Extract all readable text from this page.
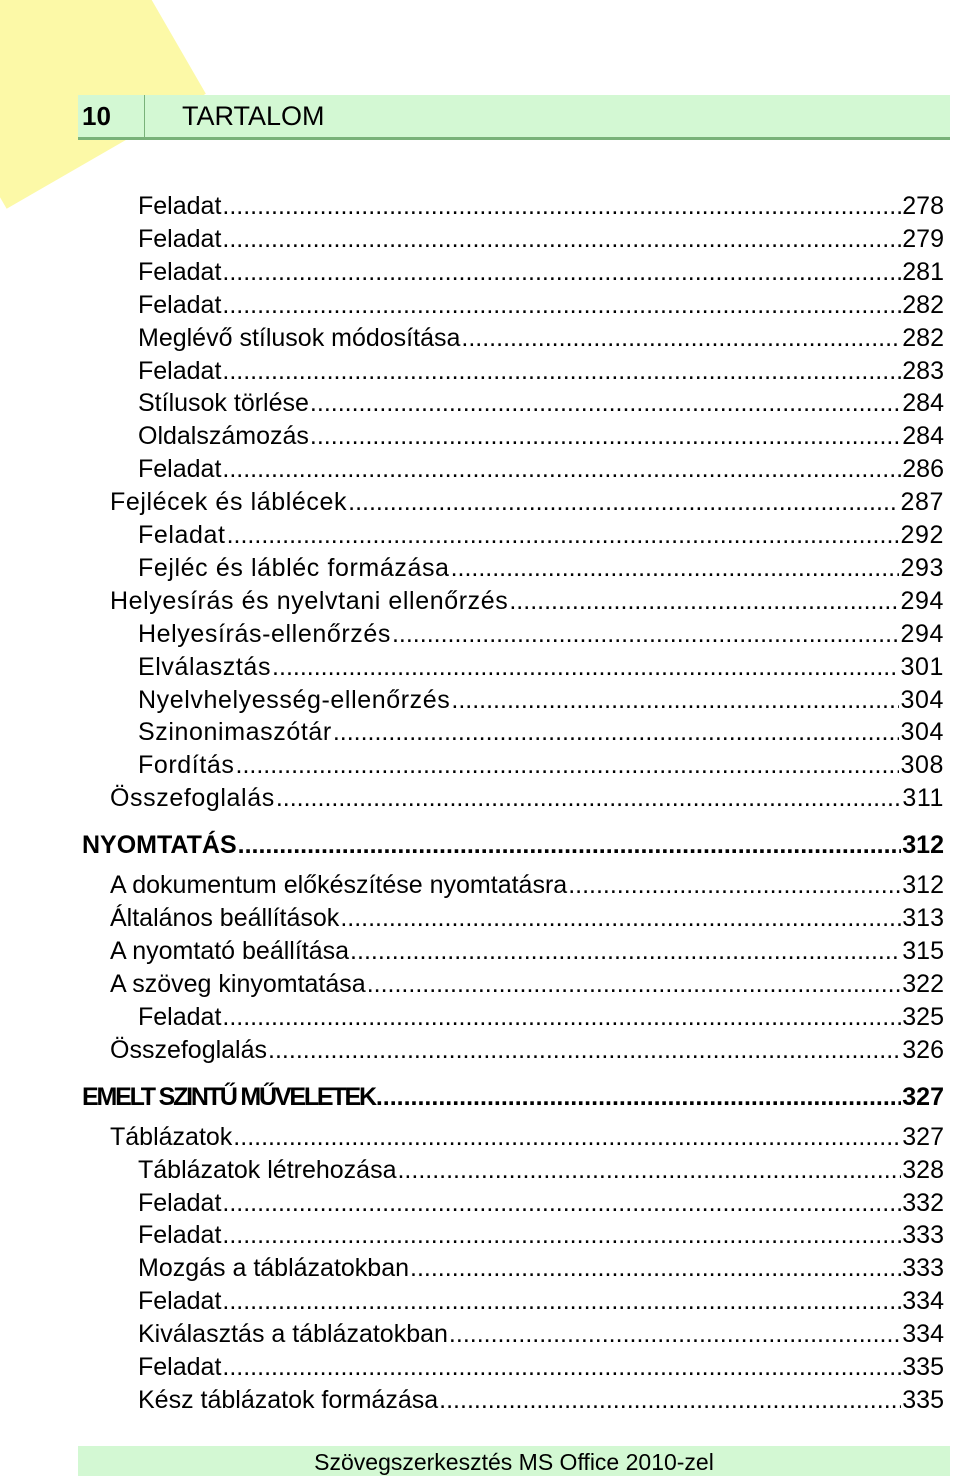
10	TARTALOM
Feladat .....	278
Feladat .....	279
Feladat .....	281
Feladat .....	282
Meglévő stílusok módosítása .....	282
Feladat .....	283
Stílusok törlése .....	284
Oldalszámozás .....	284
Feladat .....	286
Fejlécek és láblécek .....	287
Feladat .....	292
Fejléc és lábléc formázása .....	293
Helyesírás és nyelvtani ellenőrzés .....	294
Helyesírás-ellenőrzés .....	294
Elválasztás .....	301
Nyelvhelyesség-ellenőrzés .....	304
Szinonimaszótár .....	304
Fordítás .....	308
Összefoglalás .....	311
NYOMTATÁS .....	312
A dokumentum előkészítése nyomtatásra .....	312
Általános beállítások .....	313
A nyomtató beállítása .....	315
A szöveg kinyomtatása .....	322
Feladat .....	325
Összefoglalás .....	326
EMELT SZINTŰ MŰVELETEK .....	327
Táblázatok .....	327
Táblázatok létrehozása .....	328
Feladat .....	332
Feladat .....	333
Mozgás a táblázatokban .....	333
Feladat .....	334
Kiválasztás a táblázatokban .....	334
Feladat .....	335
Kész táblázatok formázása .....	335
Szövegszerkesztés MS Office 2010-zel
